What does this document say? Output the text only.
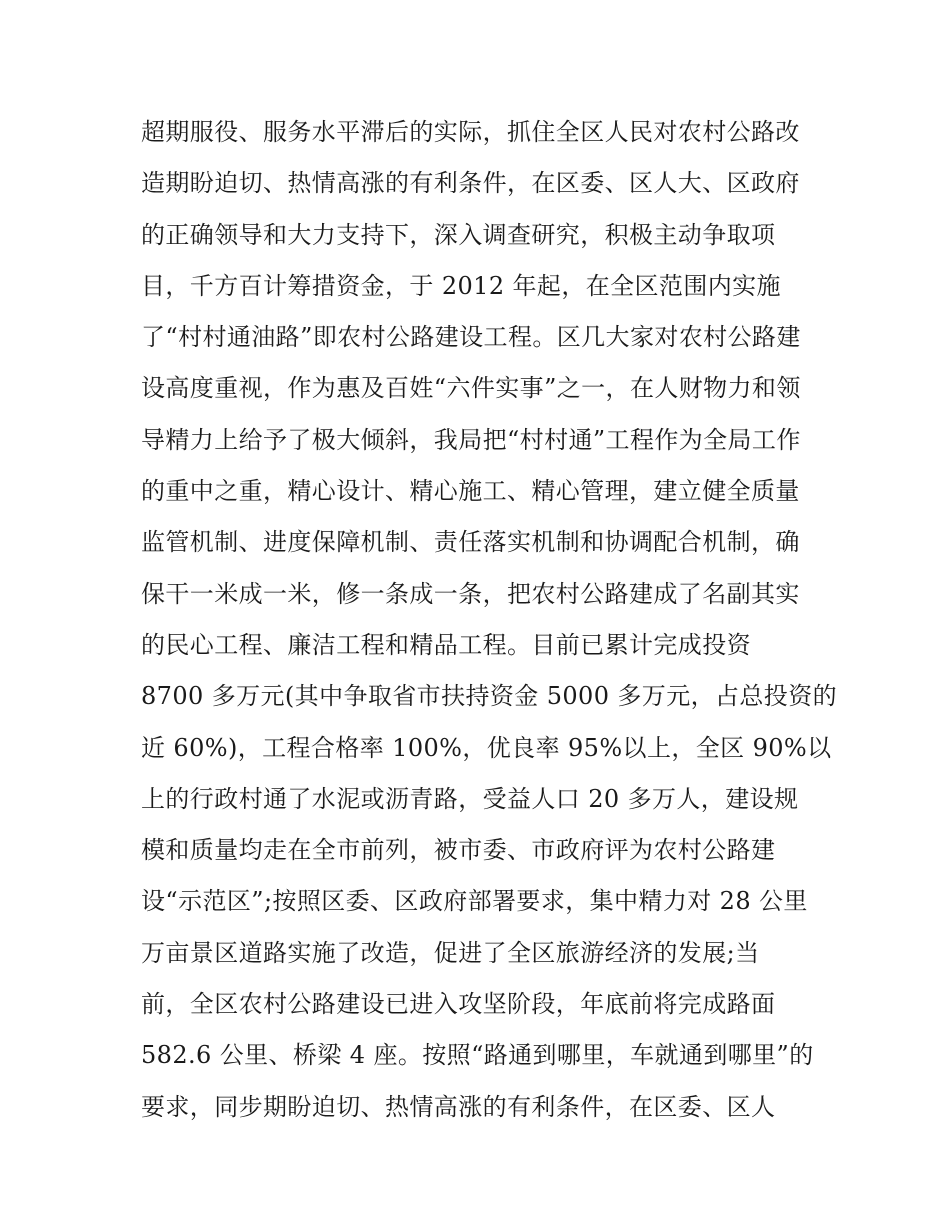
超期服役、服务水平滞后的实际，抓住全区人民对农村公路改
造期盼迫切、热情高涨的有利条件，在区委、区人大、区政府
的正确领导和大力支持下，深入调查研究，积极主动争取项
目，千方百计筹措资金，于 2012 年起，在全区范围内实施
了“村村通油路”即农村公路建设工程。区几大家对农村公路建
设高度重视，作为惠及百姓“六件实事”之一，在人财物力和领
导精力上给予了极大倾斜，我局把“村村通”工程作为全局工作
的重中之重，精心设计、精心施工、精心管理，建立健全质量
监管机制、进度保障机制、责任落实机制和协调配合机制，确
保干一米成一米，修一条成一条，把农村公路建成了名副其实
的民心工程、廉洁工程和精品工程。目前已累计完成投资
8700 多万元(其中争取省市扶持资金 5000 多万元，占总投资的
近 60%)，工程合格率 100%，优良率 95%以上，全区 90%以
上的行政村通了水泥或沥青路，受益人口 20 多万人，建设规
模和质量均走在全市前列，被市委、市政府评为农村公路建
设“示范区”;按照区委、区政府部署要求，集中精力对 28 公里
万亩景区道路实施了改造，促进了全区旅游经济的发展;当
前，全区农村公路建设已进入攻坚阶段，年底前将完成路面
582.6 公里、桥梁 4 座。按照“路通到哪里，车就通到哪里”的
要求，同步期盼迫切、热情高涨的有利条件，在区委、区人
